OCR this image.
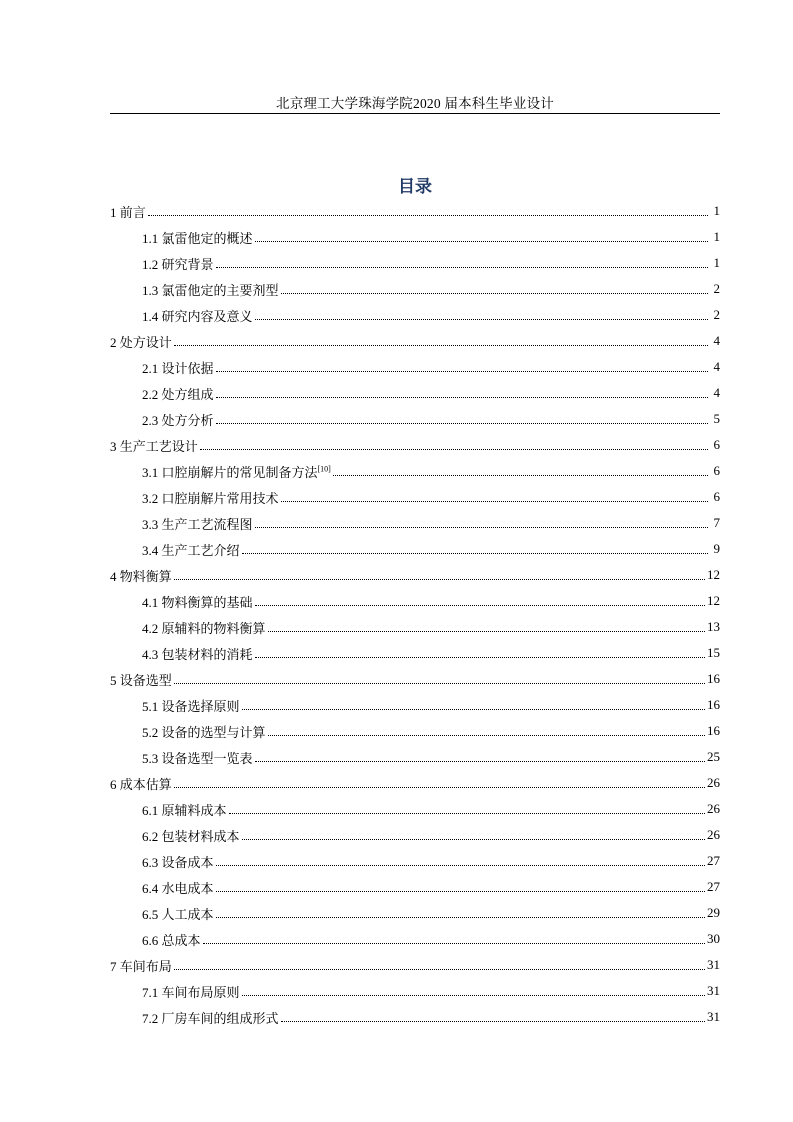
北京理工大学珠海学院2020 届本科生毕业设计
目录
1 前言	1
1.1 氯雷他定的概述	1
1.2 研究背景	1
1.3 氯雷他定的主要剂型	2
1.4 研究内容及意义	2
2 处方设计	4
2.1 设计依据	4
2.2 处方组成	4
2.3 处方分析	5
3 生产工艺设计	6
3.1 口腔崩解片的常见制备方法[10]	6
3.2 口腔崩解片常用技术	6
3.3 生产工艺流程图	7
3.4 生产工艺介绍	9
4 物料衡算	12
4.1 物料衡算的基础	12
4.2 原辅料的物料衡算	13
4.3 包装材料的消耗	15
5 设备选型	16
5.1 设备选择原则	16
5.2 设备的选型与计算	16
5.3 设备选型一览表	25
6 成本估算	26
6.1 原辅料成本	26
6.2 包装材料成本	26
6.3 设备成本	27
6.4 水电成本	27
6.5 人工成本	29
6.6 总成本	30
7 车间布局	31
7.1 车间布局原则	31
7.2 厂房车间的组成形式	31
